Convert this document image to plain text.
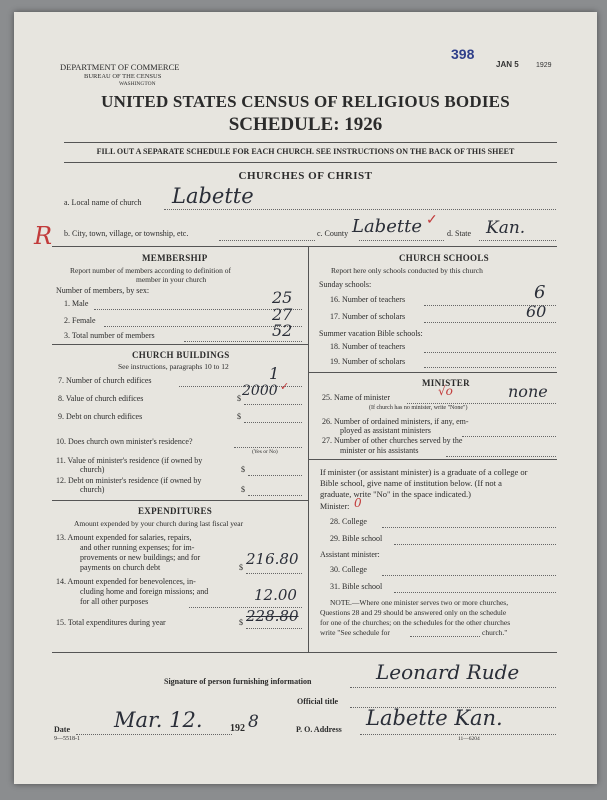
398
JAN 5 1929
DEPARTMENT OF COMMERCE
BUREAU OF THE CENSUS
WASHINGTON
UNITED STATES CENSUS OF RELIGIOUS BODIES
SCHEDULE: 1926
FILL OUT A SEPARATE SCHEDULE FOR EACH CHURCH. SEE INSTRUCTIONS ON THE BACK OF THIS SHEET
CHURCHES OF CHRIST
a. Local name of church Labette
R b. City, town, village, or township, etc.	c. County Labette ✓
d. State Kan.
MEMBERSHIP
Report number of members according to definition of
member in your church
Number of members, by sex:
1. Male	25
2. Female	27
3. Total number of members	52
CHURCH BUILDINGS
See instructions, paragraphs 10 to 12
7. Number of church edifices	1
8. Value of church edifices	$ 2000 ✓
9. Debt on church edifices	$
10. Does church own minister's residence?
(Yes or No)
11. Value of minister's residence (if owned by
church)	$
12. Debt on minister's residence (if owned by
church)	$
EXPENDITURES
Amount expended by your church during last fiscal year
13. Amount expended for salaries, repairs,
and other running expenses; for im-
provements or new buildings; and for
payments on church debt	$ 216.80
14. Amount expended for benevolences, in-
cluding home and foreign missions; and
for all other purposes	12.00
15. Total expenditures during year	$ 228.80
CHURCH SCHOOLS
Report here only schools conducted by this church
Sunday schools:
16. Number of teachers	6
17. Number of scholars	60
Summer vacation Bible schools:
18. Number of teachers
19. Number of scholars
MINISTER
25. Name of minister	√o	none
(If church has no minister, write "None")
26. Number of ordained ministers, if any, em-
ployed as assistant ministers
27. Number of other churches served by the
minister or his assistants
If minister (or assistant minister) is a graduate of a college or
Bible school, give name of institution below. (If not a
graduate, write "No" in the space indicated.)
Minister: 0
28. College
29. Bible school
Assistant minister:
30. College
31. Bible school
NOTE.—Where one minister serves two or more churches,
Questions 28 and 29 should be answered only on the schedule
for one of the churches; on the schedules for the other churches
write "See schedule for	church."
Signature of person furnishing information	Leonard Rude
Official title
Date
9—5518-1
Mar. 12.	192 8	P. O. Address Labette Kan.
11—6204
